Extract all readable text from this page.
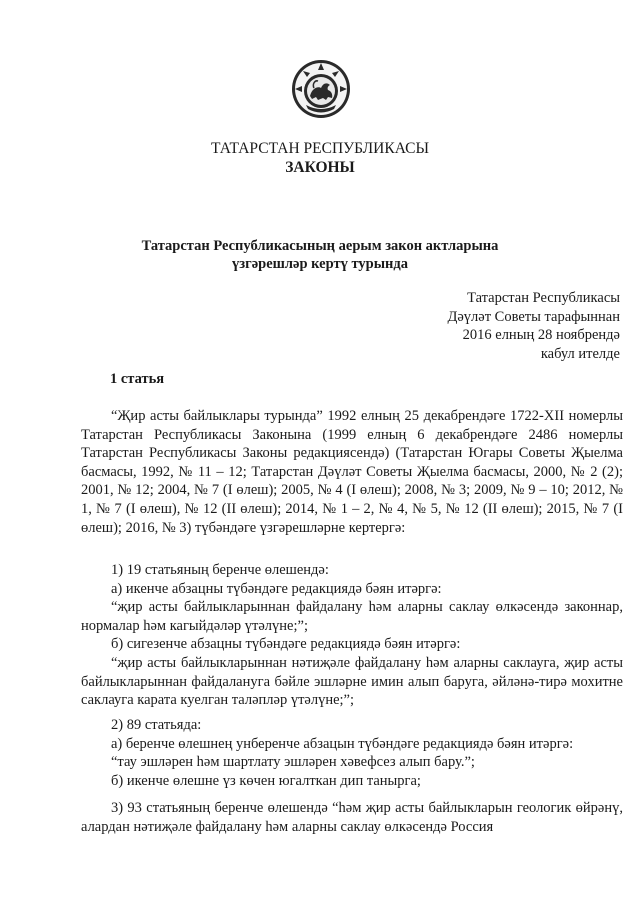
ТАТАРСТАН РЕСПУБЛИКАСЫ
ЗАКОНЫ
Татарстан Республикасының аерым закон актларына
үзгәрешләр кертү турында
Татарстан Республикасы
Дәүләт Советы тарафыннан
2016 елның 28 ноябрендә
кабул ителде
1 статья
“Җир асты байлыклары турында” 1992 елның 25 декабрендәге 1722-XII номерлы Татарстан Республикасы Законына (1999 елның 6 декабрендәге 2486 номерлы Татарстан Республикасы Законы редакциясендә) (Татарстан Югары Советы Җыелма басмасы, 1992, № 11 – 12; Татарстан Дәүләт Советы Җыелма басмасы, 2000, № 2 (2); 2001, № 12; 2004, № 7 (I өлеш); 2005, № 4 (I өлеш); 2008, № 3; 2009, № 9 – 10; 2012, № 1, № 7 (I өлеш), № 12 (II өлеш); 2014, № 1 – 2, № 4, № 5, № 12 (II өлеш); 2015, № 7 (I өлеш); 2016, № 3) түбәндәге үзгәрешләрне кертергә:
1) 19 статьяның беренче өлешендә:
а) икенче абзацны түбәндәге редакциядә бәян итәргә:
“җир асты байлыкларыннан файдалану һәм аларны саклау өлкәсендә законнар, нормалар һәм кагыйдәләр үтәлүне;”;
б) сигезенче абзацны түбәндәге редакциядә бәян итәргә:
“җир асты байлыкларыннан нәтиҗәле файдалану һәм аларны саклауга, җир асты байлыкларыннан файдалануга бәйле эшләрне имин алып баруга, әйләнә-тирә мохитне саклауга карата куелган таләпләр үтәлүне;”;
2) 89 статьяда:
а) беренче өлешнең унберенче абзацын түбәндәге редакциядә бәян итәргә:
“тау эшләрен һәм шартлату эшләрен хәвефсез алып бару.”;
б) икенче өлешне үз көчен югалткан дип танырга;
3) 93 статьяның беренче өлешендә “һәм җир асты байлыкларын геологик өйрәнү, алардан нәтиҗәле файдалану һәм аларны саклау өлкәсендә Россия
